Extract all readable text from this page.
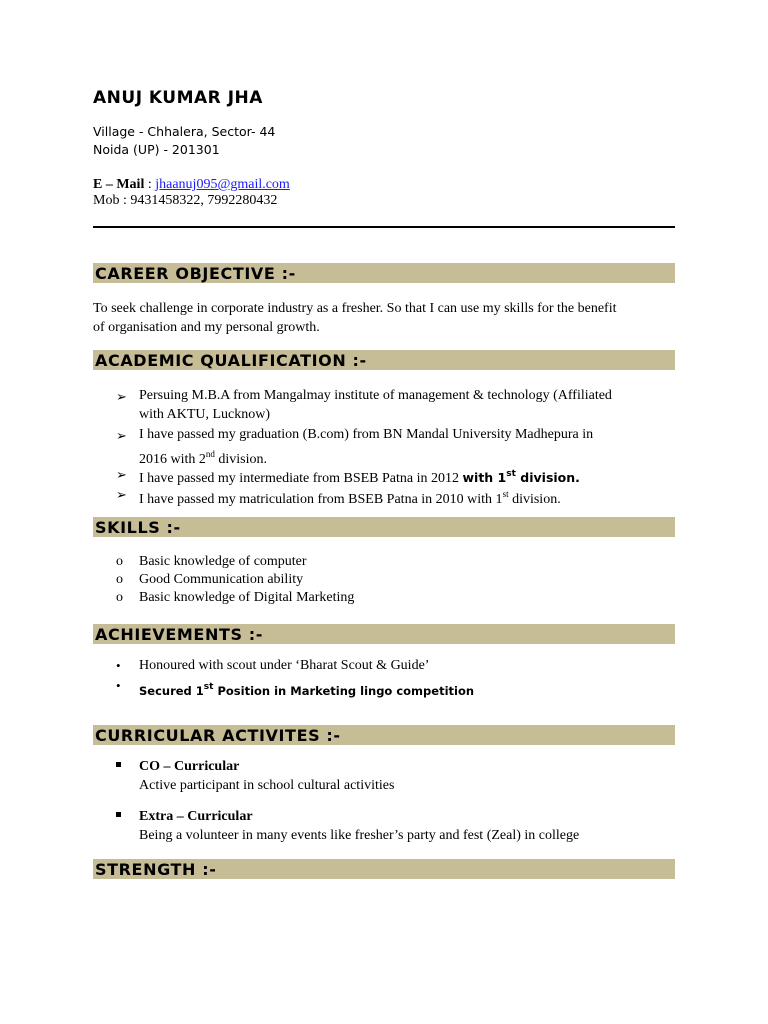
ANUJ KUMAR JHA
Village - Chhalera, Sector- 44
Noida (UP) - 201301
E – Mail : jhaanuj095@gmail.com
Mob : 9431458322, 7992280432
CAREER OBJECTIVE :-
To seek challenge in corporate industry as a fresher. So that I can use my skills for the benefit
of organisation and my personal growth.
ACADEMIC QUALIFICATION :-
➢ Persuing M.B.A from Mangalmay institute of management & technology (Affiliated
with AKTU, Lucknow)
➢ I have passed my graduation (B.com) from BN Mandal University Madhepura in
2016 with 2nd division.
➢ I have passed my intermediate from BSEB Patna in 2012 with 1st division.
➢ I have passed my matriculation from BSEB Patna in 2010 with 1st division.
SKILLS :-
o Basic knowledge of computer
o Good Communication ability
o Basic knowledge of Digital Marketing
ACHIEVEMENTS :-
• Honoured with scout under ‘Bharat Scout & Guide’
• Secured 1st Position in Marketing lingo competition
CURRICULAR ACTIVITES :-
CO – Curricular
Active participant in school cultural activities
Extra – Curricular
Being a volunteer in many events like fresher’s party and fest (Zeal) in college
STRENGTH :-
